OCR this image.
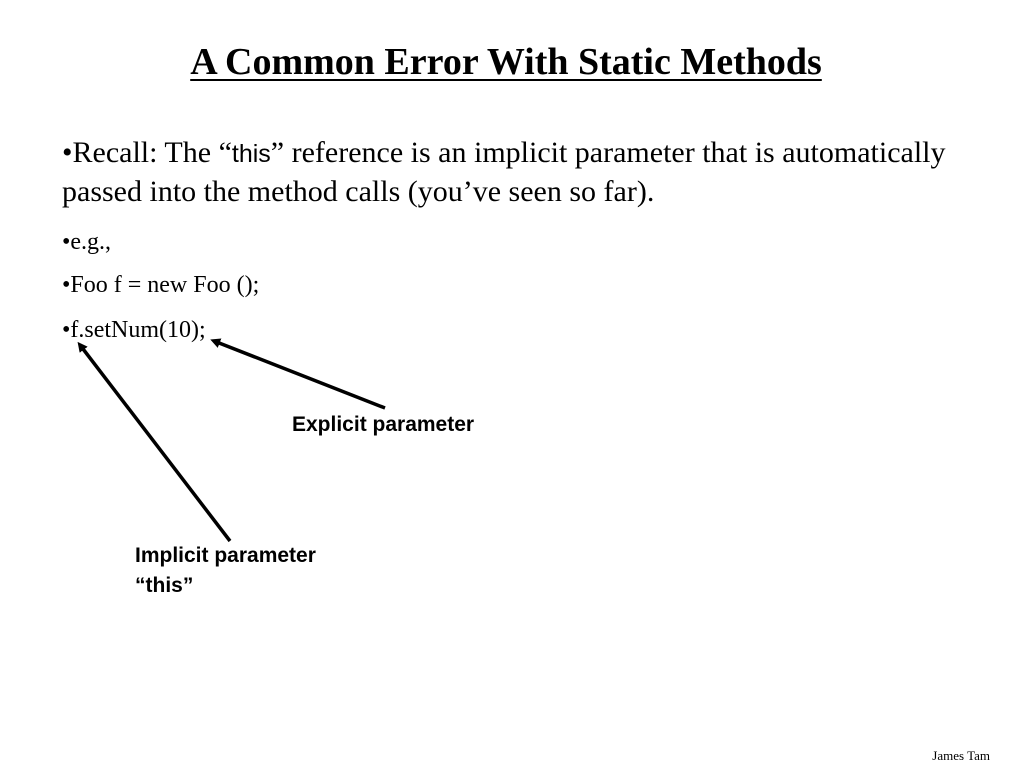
A Common Error With Static Methods
•Recall: The “this” reference is an implicit parameter that is automatically passed into the method calls (you’ve seen so far).
•e.g.,
•Foo f = new Foo ();
•f.setNum(10);
Explicit parameter
Implicit parameter
“this”
James Tam
